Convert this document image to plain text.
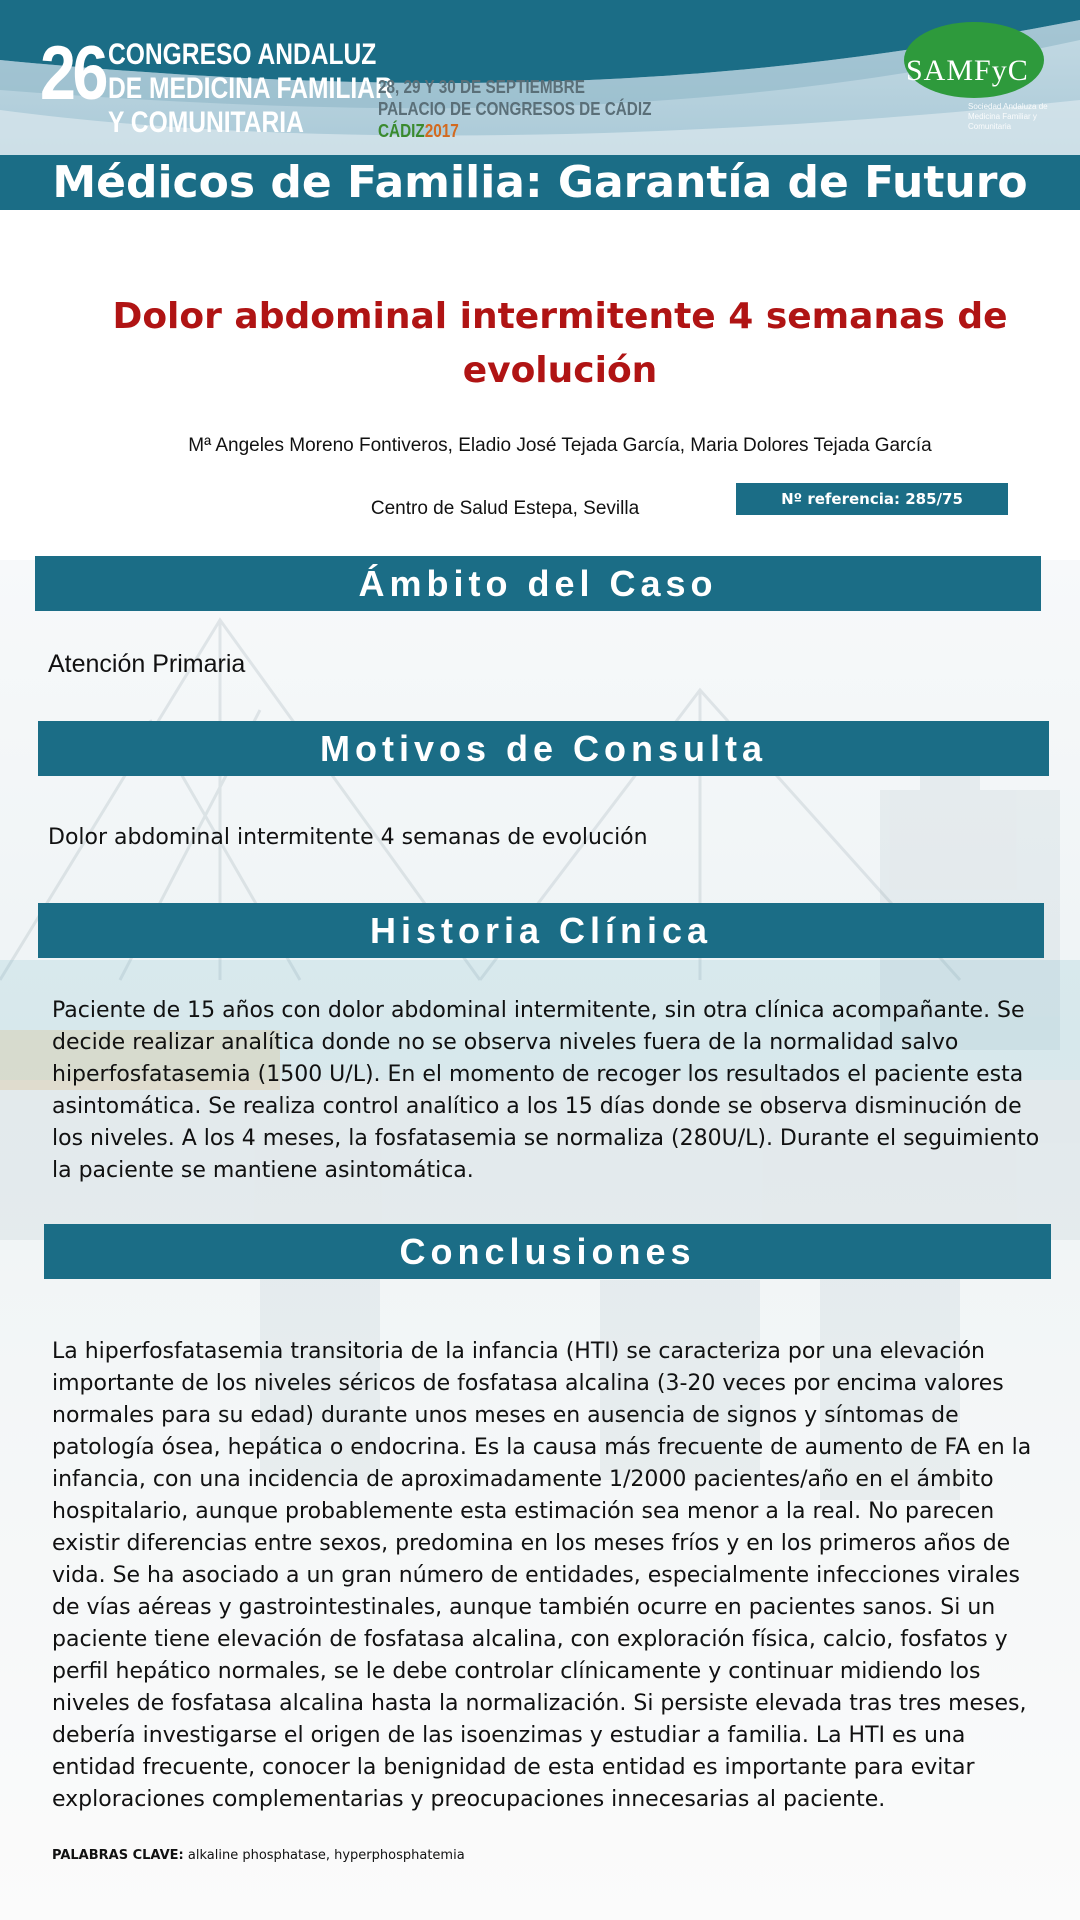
26 CONGRESO ANDALUZ
DE MEDICINA FAMILIAR
Y COMUNITARIA
28, 29 Y 30 DE SEPTIEMBRE
PALACIO DE CONGRESOS DE CÁDIZ
CÁDIZ2017
SAMFyC
Sociedad Andaluza de Medicina Familiar y Comunitaria
Médicos de Familia: Garantía de Futuro
Dolor abdominal intermitente 4 semanas de evolución
Mª Angeles Moreno Fontiveros, Eladio José Tejada García, Maria Dolores Tejada García
Centro de Salud Estepa, Sevilla	Nº referencia: 285/75
Ámbito del Caso
Atención Primaria
Motivos de Consulta
Dolor abdominal intermitente 4 semanas de evolución
Historia Clínica
Paciente de 15 años con dolor abdominal intermitente, sin otra clínica acompañante. Se decide realizar analítica donde no se observa niveles fuera de la normalidad salvo hiperfosfatasemia (1500 U/L). En el momento de recoger los resultados el paciente esta asintomática. Se realiza control analítico a los 15 días donde se observa disminución de los niveles. A los 4 meses, la fosfatasemia se normaliza (280U/L). Durante el seguimiento la paciente se mantiene asintomática.
Conclusiones
La hiperfosfatasemia transitoria de la infancia (HTI) se caracteriza por una elevación importante de los niveles séricos de fosfatasa alcalina (3-20 veces por encima valores normales para su edad) durante unos meses en ausencia de signos y síntomas de patología ósea, hepática o endocrina. Es la causa más frecuente de aumento de FA en la infancia, con una incidencia de aproximadamente 1/2000 pacientes/año en el ámbito hospitalario, aunque probablemente esta estimación sea menor a la real. No parecen existir diferencias entre sexos, predomina en los meses fríos y en los primeros años de vida. Se ha asociado a un gran número de entidades, especialmente infecciones virales de vías aéreas y gastrointestinales, aunque también ocurre en pacientes sanos. Si un paciente tiene elevación de fosfatasa alcalina, con exploración física, calcio, fosfatos y perfil hepático normales, se le debe controlar clínicamente y continuar midiendo los niveles de fosfatasa alcalina hasta la normalización. Si persiste elevada tras tres meses, debería investigarse el origen de las isoenzimas y estudiar a familia. La HTI es una entidad frecuente, conocer la benignidad de esta entidad es importante para evitar exploraciones complementarias y preocupaciones innecesarias al paciente.
PALABRAS CLAVE: alkaline phosphatase, hyperphosphatemia
